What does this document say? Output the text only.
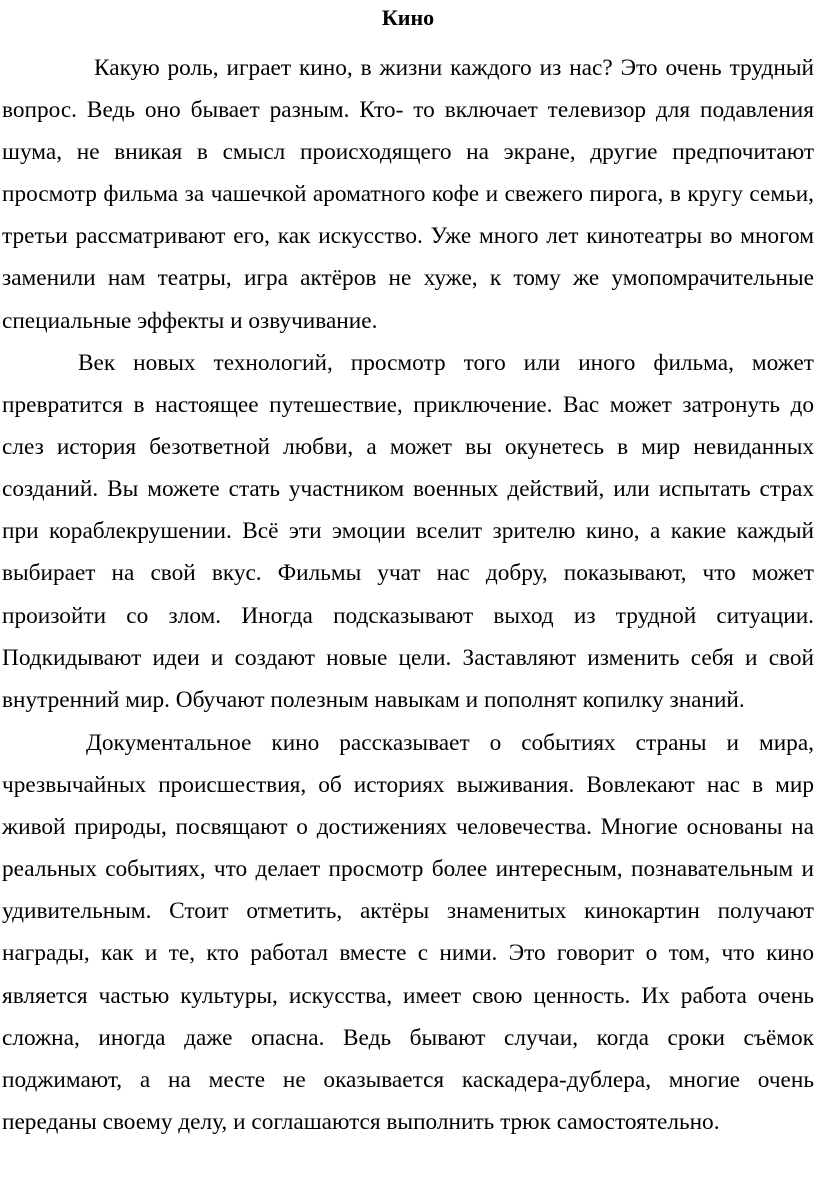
Кино

Какую роль, играет кино, в жизни каждого из нас? Это очень трудный вопрос. Ведь оно бывает разным. Кто- то включает телевизор для подавления шума, не вникая в смысл происходящего на экране, другие предпочитают просмотр фильма за чашечкой ароматного кофе и свежего пирога, в кругу семьи, третьи рассматривают его, как искусство. Уже много лет кинотеатры во многом заменили нам театры, игра актёров не хуже, к тому же умопомрачительные специальные эффекты и озвучивание.

Век новых технологий, просмотр того или иного фильма, может превратится в настоящее путешествие, приключение. Вас может затронуть до слез история безответной любви, а может вы окунетесь в мир невиданных созданий. Вы можете стать участником военных действий, или испытать страх при кораблекрушении. Всё эти эмоции вселит зрителю кино, а какие каждый выбирает на свой вкус. Фильмы учат нас добру, показывают, что может произойти со злом. Иногда подсказывают выход из трудной ситуации. Подкидывают идеи и создают новые цели. Заставляют изменить себя и свой внутренний мир. Обучают полезным навыкам и пополнят копилку знаний.

Документальное кино рассказывает о событиях страны и мира, чрезвычайных происшествия, об историях выживания. Вовлекают нас в мир живой природы, посвящают о достижениях человечества. Многие основаны на реальных событиях, что делает просмотр более интересным, познавательным и удивительным. Стоит отметить, актёры знаменитых кинокартин получают награды, как и те, кто работал вместе с ними. Это говорит о том, что кино является частью культуры, искусства, имеет свою ценность. Их работа очень сложна, иногда даже опасна. Ведь бывают случаи, когда сроки съёмок поджимают, а на месте не оказывается каскадера-дублера, многие очень переданы своему делу, и соглашаются выполнить трюк самостоятельно.
